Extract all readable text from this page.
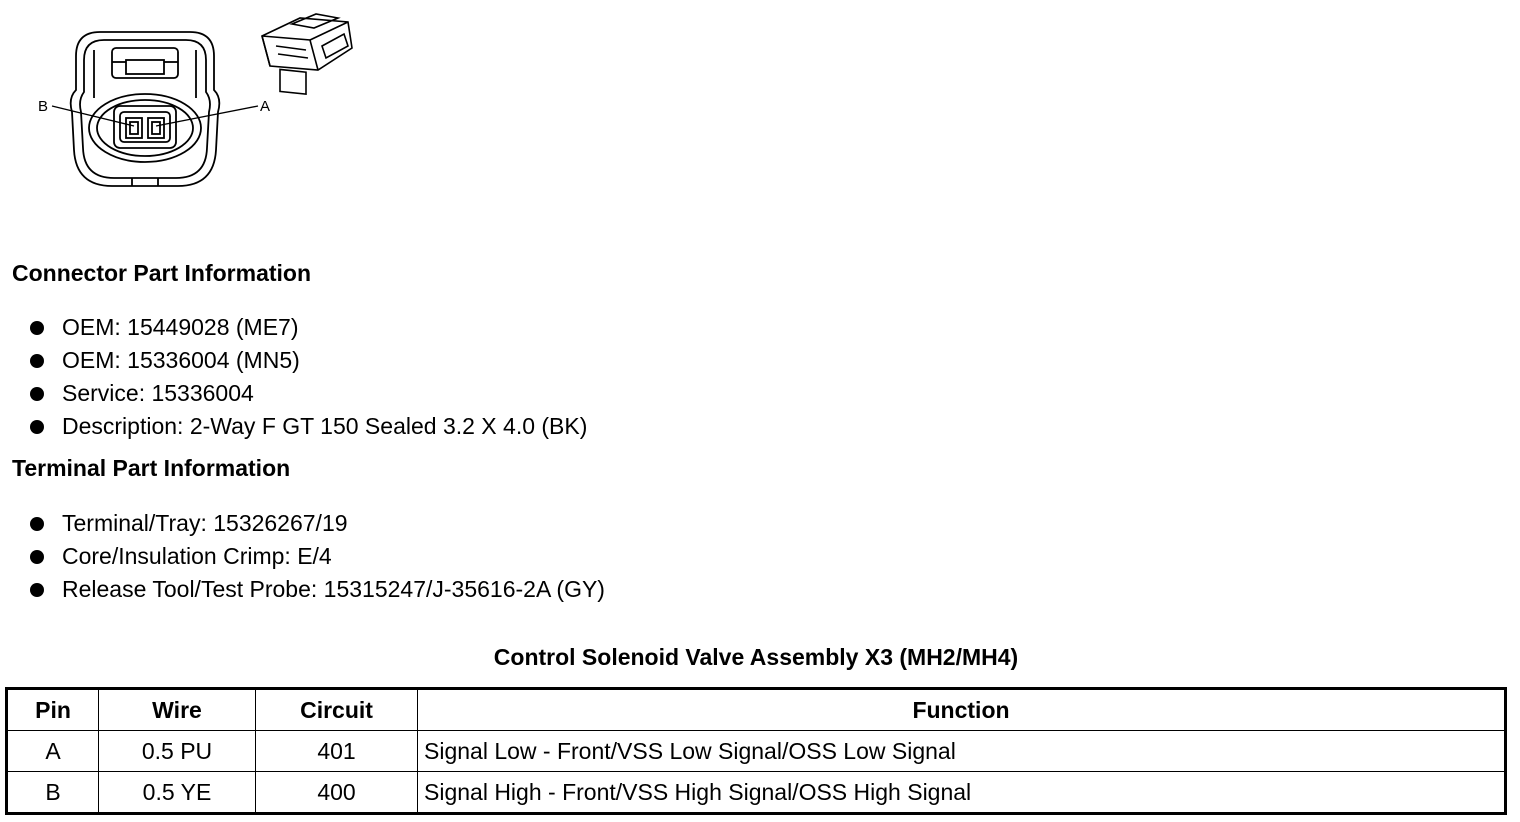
B	A
Connector Part Information
OEM: 15449028 (ME7)
OEM: 15336004 (MN5)
Service: 15336004
Description: 2-Way F GT 150 Sealed 3.2 X 4.0 (BK)
Terminal Part Information
Terminal/Tray: 15326267/19
Core/Insulation Crimp: E/4
Release Tool/Test Probe: 15315247/J-35616-2A (GY)
Control Solenoid Valve Assembly X3 (MH2/MH4)
Pin	Wire	Circuit	Function
A	0.5 PU	401	Signal Low - Front/VSS Low Signal/OSS Low Signal
B	0.5 YE	400	Signal High - Front/VSS High Signal/OSS High Signal
